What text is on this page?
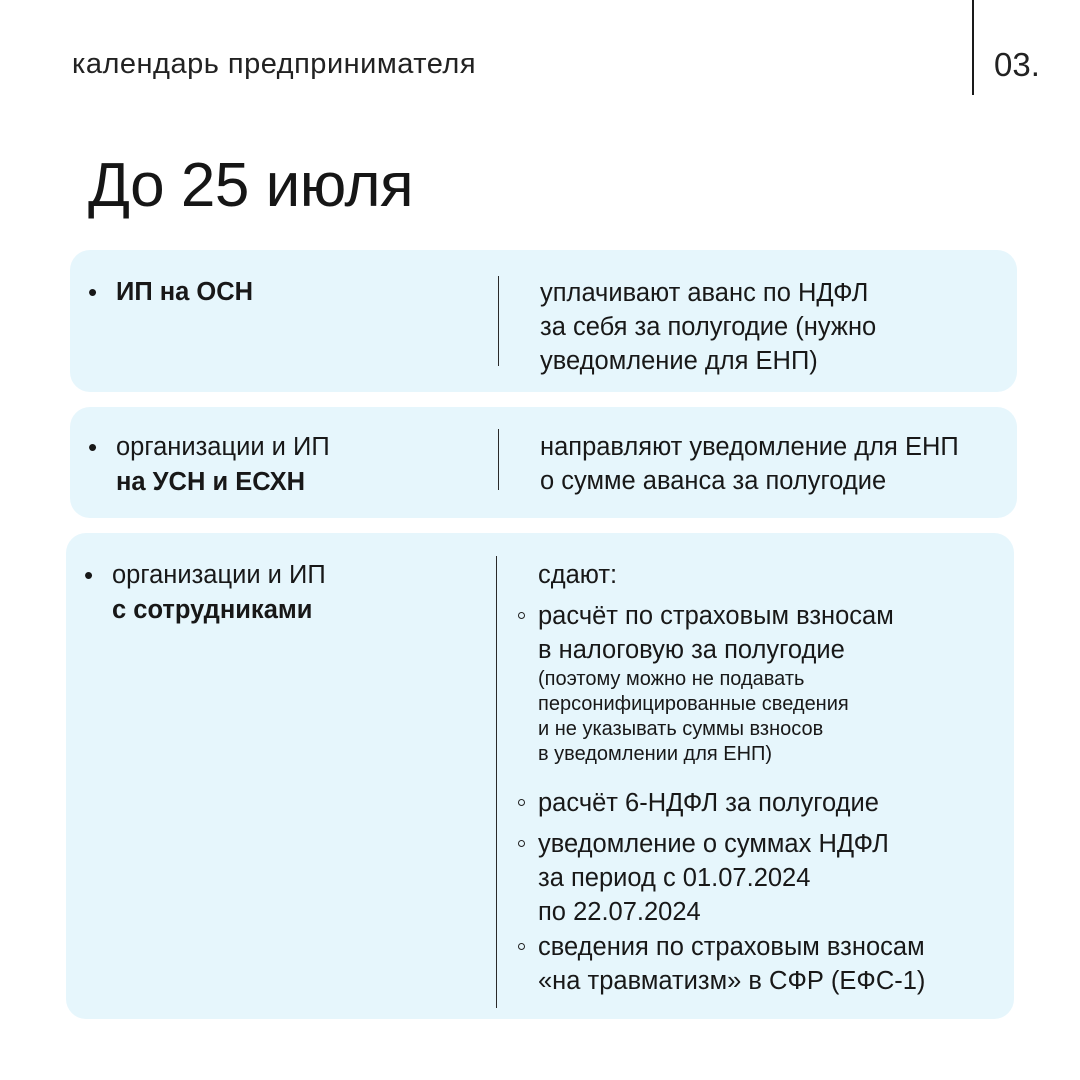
календарь предпринимателя	03.
До 25 июля
• ИП на ОСН	уплачивают аванс по НДФЛ
за себя за полугодие (нужно
уведомление для ЕНП)
• организации и ИП
на УСН и ЕСХН
направляют уведомление для ЕНП
о сумме аванса за полугодие
• организации и ИП
с сотрудниками
сдают:
расчёт по страховым взносам
в налоговую за полугодие
(поэтому можно не подавать
персонифицированные сведения
и не указывать суммы взносов
в уведомлении для ЕНП)
расчёт 6-НДФЛ за полугодие
уведомление о суммах НДФЛ
за период с 01.07.2024
по 22.07.2024
сведения по страховым взносам
«на травматизм» в СФР (ЕФС-1)
